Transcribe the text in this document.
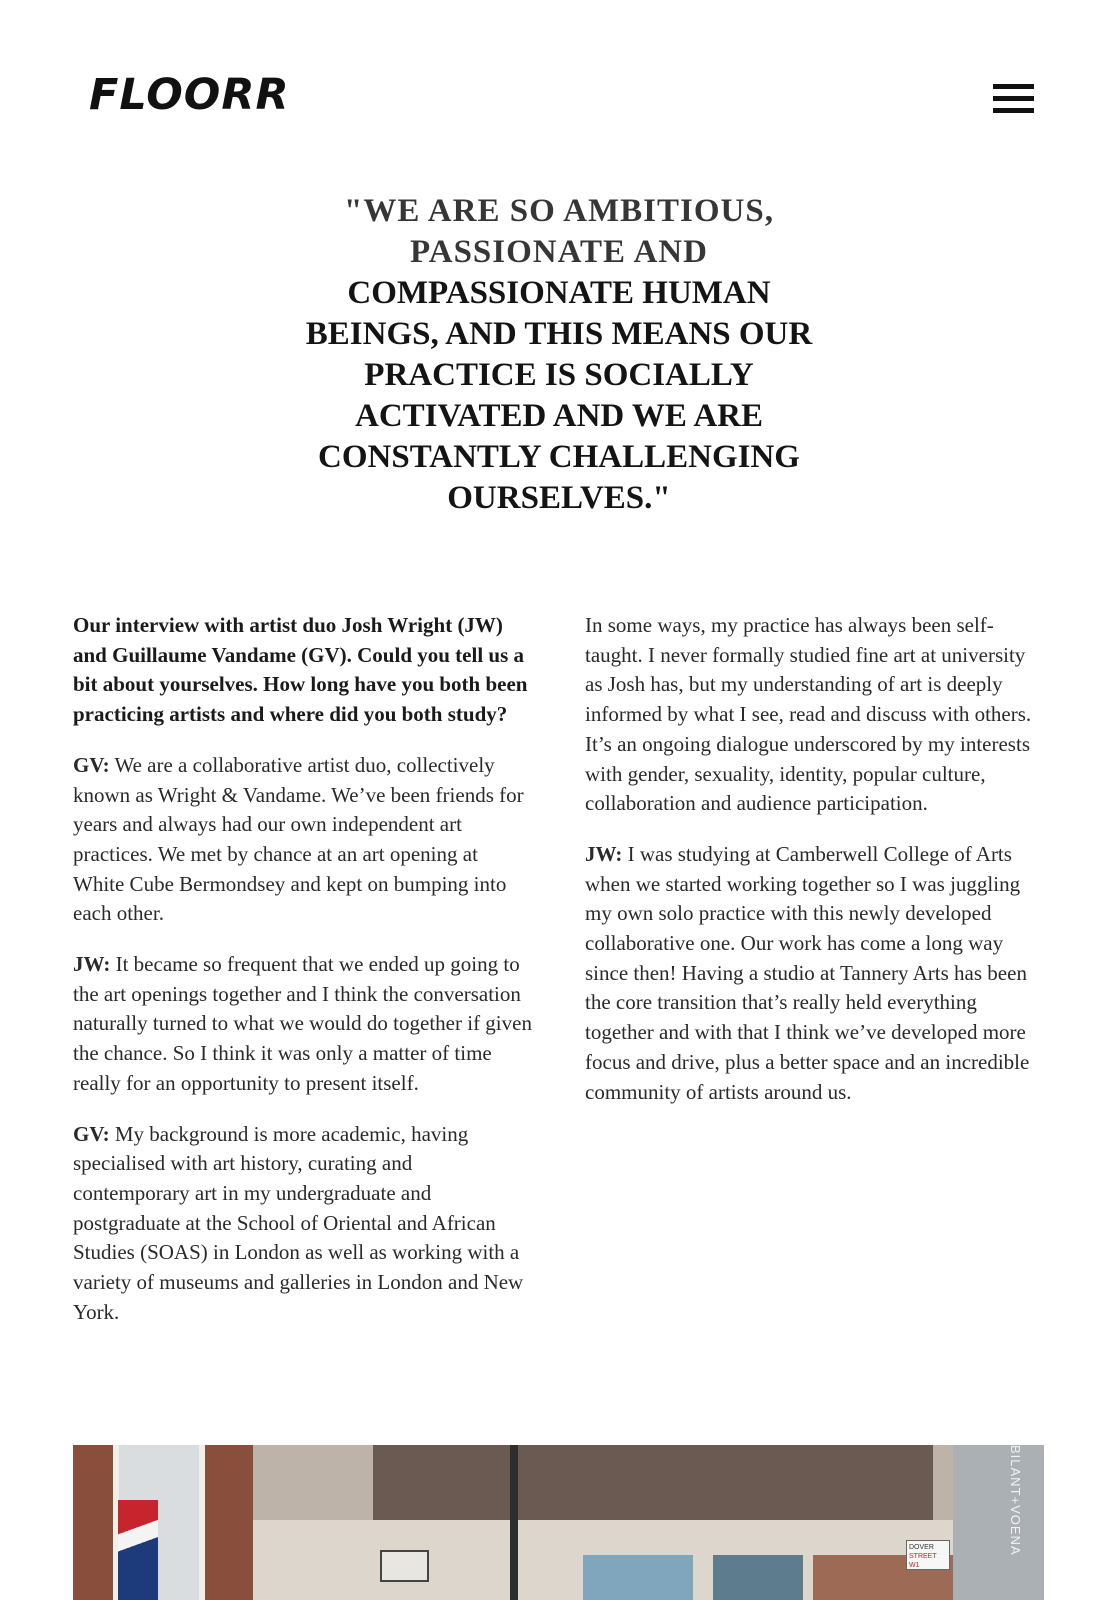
FLOORR
"WE ARE SO AMBITIOUS,
PASSIONATE AND
COMPASSIONATE HUMAN BEINGS, AND THIS MEANS OUR PRACTICE IS SOCIALLY ACTIVATED AND WE ARE CONSTANTLY CHALLENGING OURSELVES."

Our interview with artist duo Josh Wright (JW) and Guillaume Vandame (GV). Could you tell us a bit about yourselves. How long have you both been practicing artists and where did you both study?

GV: We are a collaborative artist duo, collectively known as Wright & Vandame. We’ve been friends for years and always had our own independent art practices. We met by chance at an art opening at White Cube Bermondsey and kept on bumping into each other.

JW: It became so frequent that we ended up going to the art openings together and I think the conversation naturally turned to what we would do together if given the chance. So I think it was only a matter of time really for an opportunity to present itself.

GV: My background is more academic, having specialised with art history, curating and contemporary art in my undergraduate and postgraduate at the School of Oriental and African Studies (SOAS) in London as well as working with a variety of museums and galleries in London and New York.

In some ways, my practice has always been self-taught. I never formally studied fine art at university as Josh has, but my understanding of art is deeply informed by what I see, read and discuss with others. It’s an ongoing dialogue underscored by my interests with gender, sexuality, identity, popular culture, collaboration and audience participation.

JW: I was studying at Camberwell College of Arts when we started working together so I was juggling my own solo practice with this newly developed collaborative one. Our work has come a long way since then! Having a studio at Tannery Arts has been the core transition that’s really held everything together and with that I think we’ve developed more focus and drive, plus a better space and an incredible community of artists around us.

DOVER
STREET W1
BILANT+VOENA
